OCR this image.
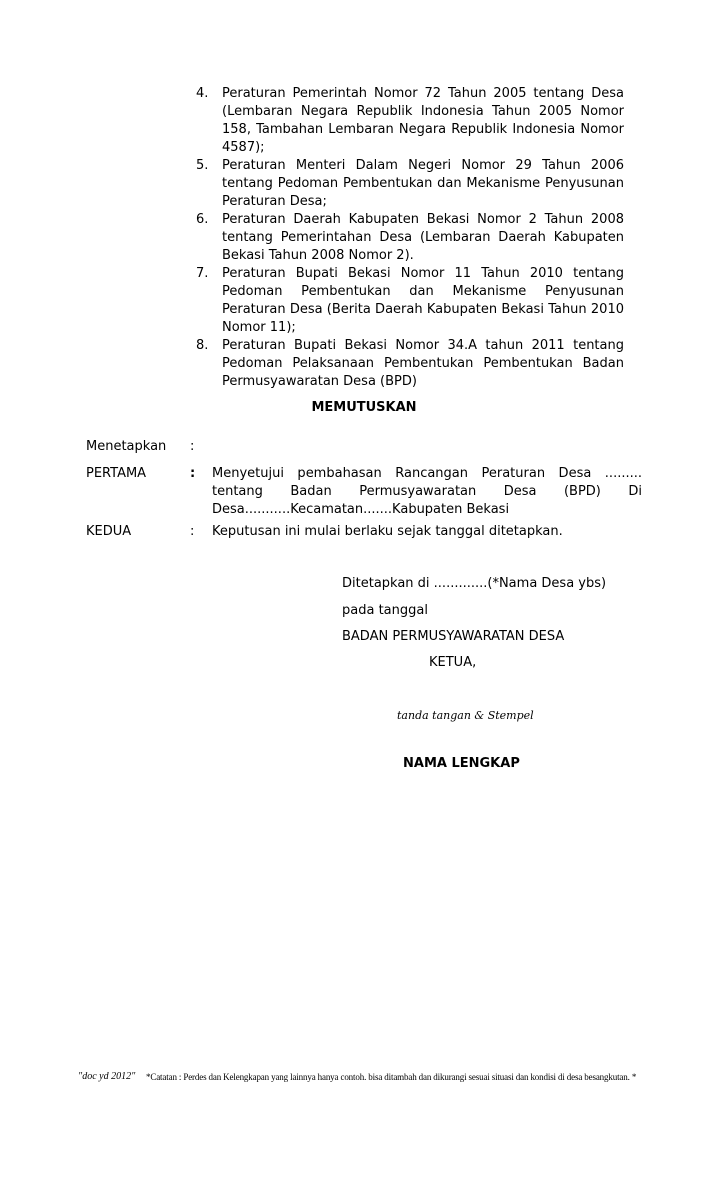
4.	Peraturan Pemerintah Nomor 72 Tahun 2005 tentang Desa (Lembaran Negara Republik Indonesia Tahun 2005 Nomor 158, Tambahan Lembaran Negara Republik Indonesia Nomor 4587);
5.	Peraturan Menteri Dalam Negeri Nomor 29 Tahun 2006 tentang Pedoman Pembentukan dan Mekanisme Penyusunan Peraturan Desa;
6.	Peraturan Daerah Kabupaten Bekasi Nomor 2 Tahun 2008 tentang Pemerintahan Desa (Lembaran Daerah Kabupaten Bekasi Tahun 2008 Nomor 2).
7.	Peraturan Bupati Bekasi Nomor 11 Tahun 2010 tentang Pedoman Pembentukan dan Mekanisme Penyusunan Peraturan Desa (Berita Daerah Kabupaten Bekasi Tahun 2010 Nomor 11);
8.	Peraturan Bupati Bekasi Nomor 34.A tahun 2011 tentang Pedoman Pelaksanaan Pembentukan Pembentukan Badan Permusyawaratan Desa (BPD)
MEMUTUSKAN
Menetapkan	:
PERTAMA	:	Menyetujui pembahasan Rancangan Peraturan Desa ......... tentang Badan Permusyawaratan Desa (BPD) Di Desa...........Kecamatan.......Kabupaten Bekasi
KEDUA	:	Keputusan ini mulai berlaku sejak tanggal ditetapkan.
Ditetapkan di .............(*Nama Desa ybs)
pada tanggal
BADAN PERMUSYAWARATAN DESA
KETUA,
tanda tangan & Stempel
NAMA LENGKAP
"doc yd 2012" *Catatan : Perdes dan Kelengkapan yang lainnya hanya contoh. bisa ditambah dan dikurangi sesuai situasi dan kondisi di desa besangkutan. *
